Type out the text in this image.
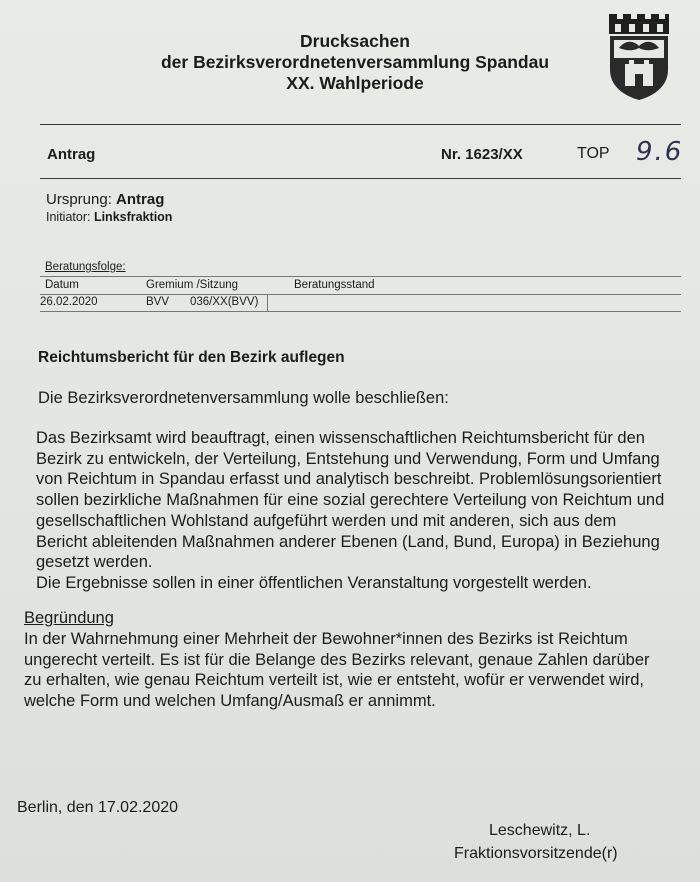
Drucksachen
der Bezirksverordnetenversammlung Spandau
XX. Wahlperiode
Antrag	Nr. 1623/XX	TOP 9.6
Ursprung: Antrag
Initiator: Linksfraktion
Beratungsfolge:
Datum	Gremium /Sitzung	Beratungsstand
26.02.2020	BVV 036/XX(BVV)
Reichtumsbericht für den Bezirk auflegen
Die Bezirksverordnetenversammlung wolle beschließen:
Das Bezirksamt wird beauftragt, einen wissenschaftlichen Reichtumsbericht für den
Bezirk zu entwickeln, der Verteilung, Entstehung und Verwendung, Form und Umfang
von Reichtum in Spandau erfasst und analytisch beschreibt. Problemlösungsorientiert
sollen bezirkliche Maßnahmen für eine sozial gerechtere Verteilung von Reichtum und
gesellschaftlichen Wohlstand aufgeführt werden und mit anderen, sich aus dem
Bericht ableitenden Maßnahmen anderer Ebenen (Land, Bund, Europa) in Beziehung
gesetzt werden.
Die Ergebnisse sollen in einer öffentlichen Veranstaltung vorgestellt werden.
Begründung
In der Wahrnehmung einer Mehrheit der Bewohner*innen des Bezirks ist Reichtum
ungerecht verteilt. Es ist für die Belange des Bezirks relevant, genaue Zahlen darüber
zu erhalten, wie genau Reichtum verteilt ist, wie er entsteht, wofür er verwendet wird,
welche Form und welchen Umfang/Ausmaß er annimmt.
Berlin, den 17.02.2020
Leschewitz, L.
Fraktionsvorsitzende(r)
